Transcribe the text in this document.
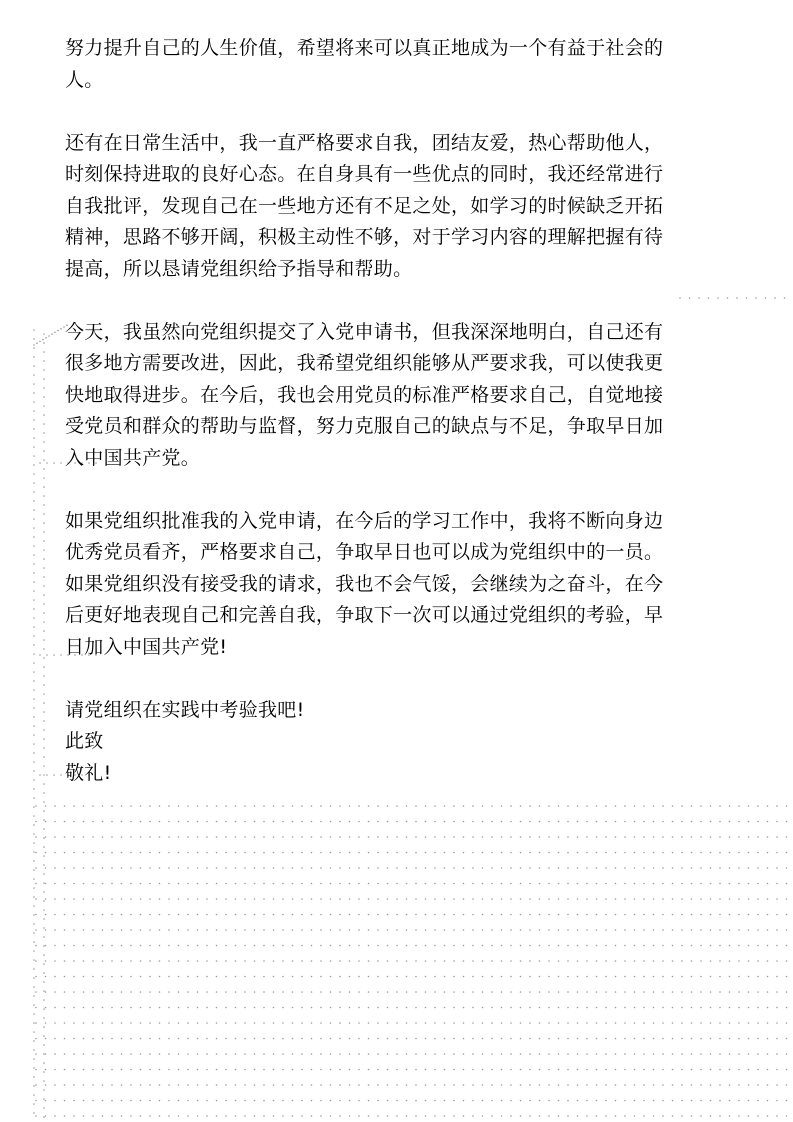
努力提升自己的人生价值，希望将来可以真正地成为一个有益于社会的人。

还有在日常生活中，我一直严格要求自我，团结友爱，热心帮助他人，时刻保持进取的良好心态。在自身具有一些优点的同时，我还经常进行自我批评，发现自己在一些地方还有不足之处，如学习的时候缺乏开拓精神，思路不够开阔，积极主动性不够，对于学习内容的理解把握有待提高，所以恳请党组织给予指导和帮助。

今天，我虽然向党组织提交了入党申请书，但我深深地明白，自己还有很多地方需要改进，因此，我希望党组织能够从严要求我，可以使我更快地取得进步。在今后，我也会用党员的标准严格要求自己，自觉地接受党员和群众的帮助与监督，努力克服自己的缺点与不足，争取早日加入中国共产党。

如果党组织批准我的入党申请，在今后的学习工作中，我将不断向身边优秀党员看齐，严格要求自己，争取早日也可以成为党组织中的一员。如果党组织没有接受我的请求，我也不会气馁，会继续为之奋斗，在今后更好地表现自己和完善自我，争取下一次可以通过党组织的考验，早日加入中国共产党!

请党组织在实践中考验我吧!
此致
敬礼!
